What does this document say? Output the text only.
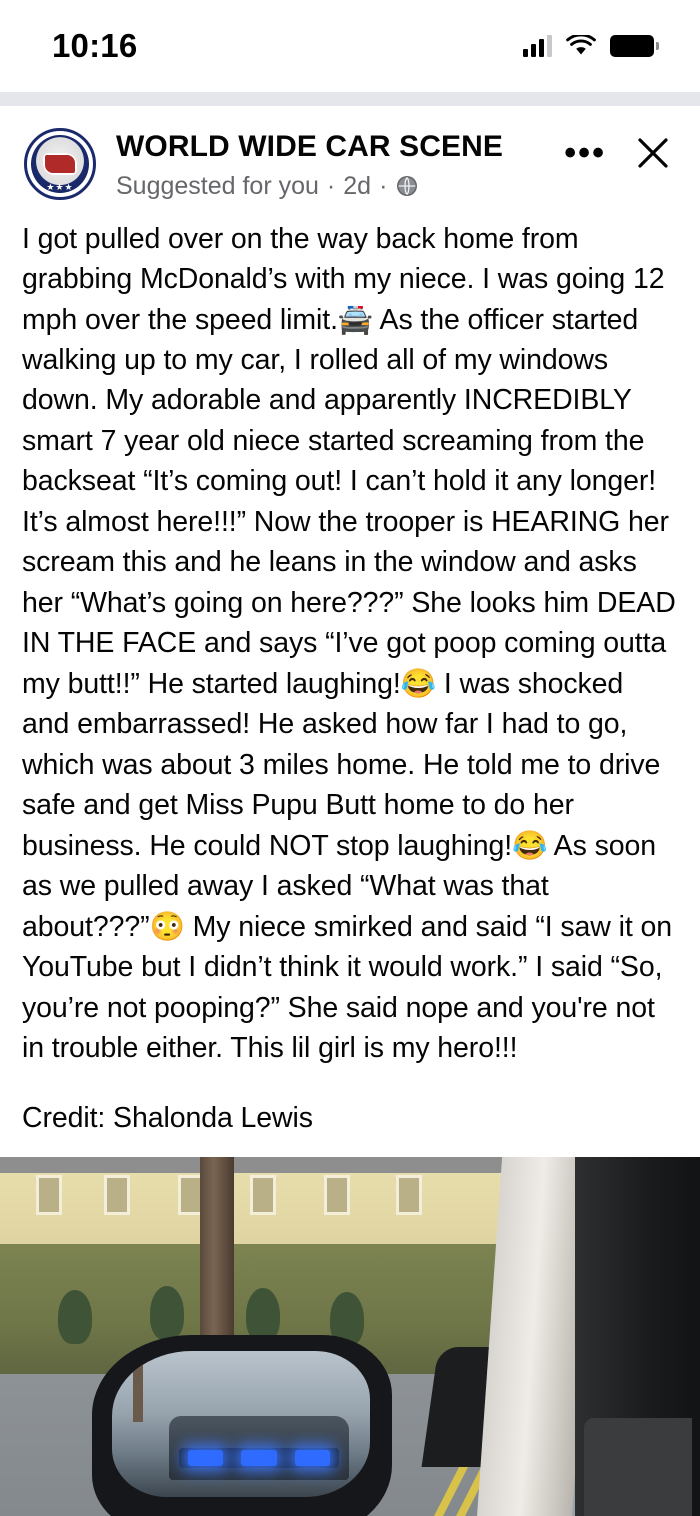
10:16
★★★
WORLD WIDE CAR SCENE
Suggested for you · 2d ·
•••

I got pulled over on the way back home from grabbing McDonald’s with my niece. I was going 12 mph over the speed limit.🚔 As the officer started walking up to my car, I rolled all of my windows down. My adorable and apparently INCREDIBLY smart 7 year old niece started screaming from the backseat “It’s coming out! I can’t hold it any longer! It’s almost here!!!” Now the trooper is HEARING her scream this and he leans in the window and asks her “What’s going on here???” She looks him DEAD IN THE FACE and says “I’ve got poop coming outta my butt!!” He started laughing!😂 I was shocked and embarrassed! He asked how far I had to go, which was about 3 miles home. He told me to drive safe and get Miss Pupu Butt home to do her business. He could NOT stop laughing!😂 As soon as we pulled away I asked “What was that about???”😳 My niece smirked and said “I saw it on YouTube but I didn’t think it would work.” I said “So, you’re not pooping?” She said nope and you're not in trouble either. This lil girl is my hero!!!

Credit: Shalonda Lewis
